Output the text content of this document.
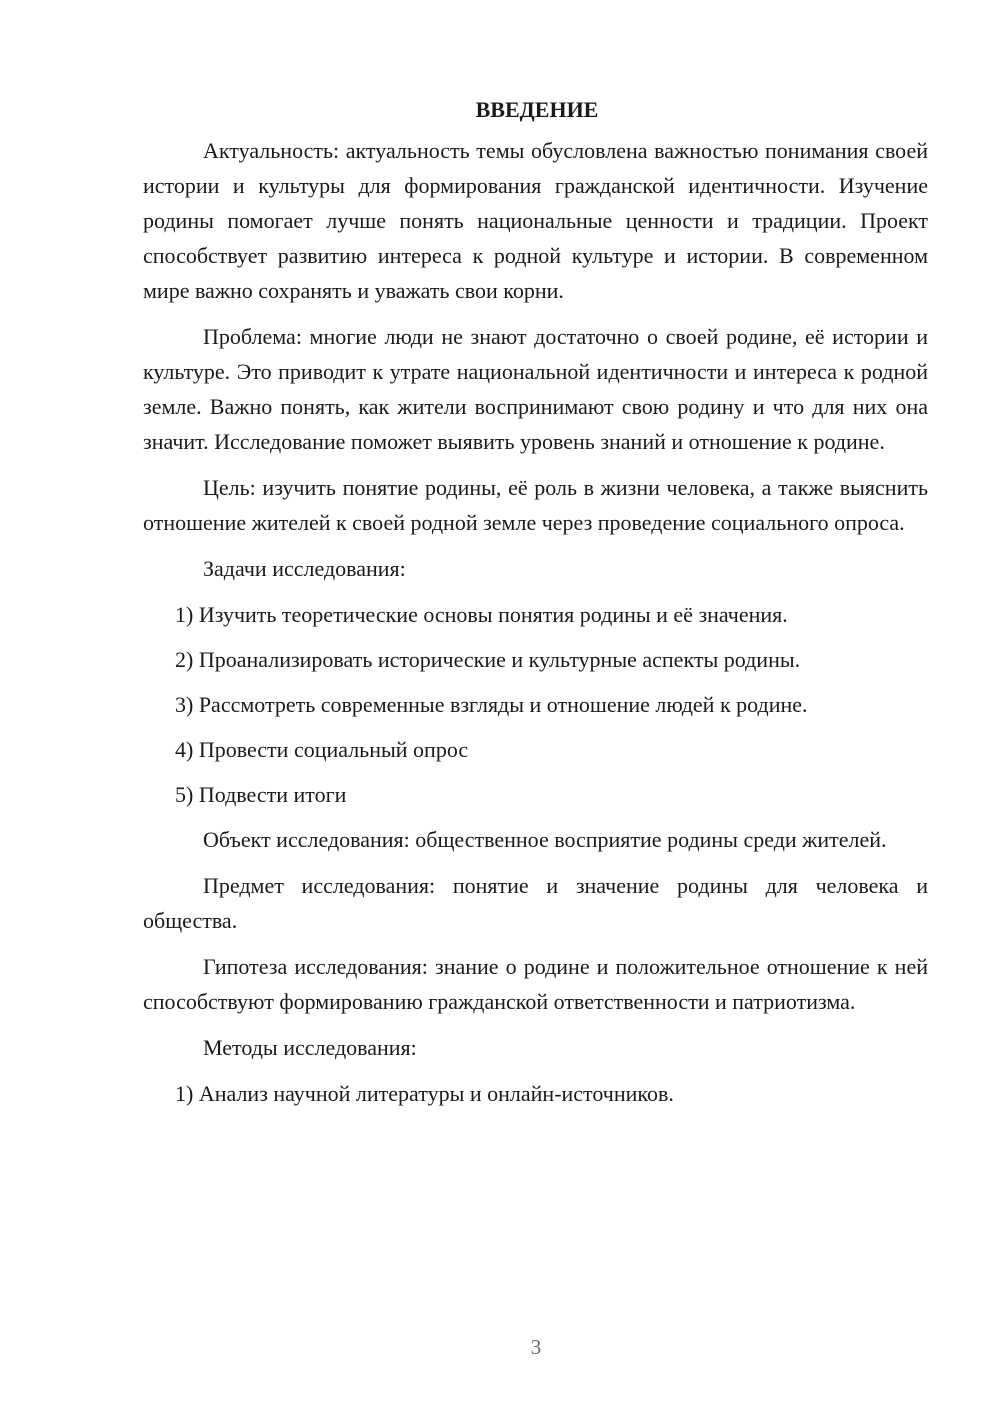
ВВЕДЕНИЕ

Актуальность: актуальность темы обусловлена важностью понимания своей истории и культуры для формирования гражданской идентичности. Изучение родины помогает лучше понять национальные ценности и традиции. Проект способствует развитию интереса к родной культуре и истории. В современном мире важно сохранять и уважать свои корни.

Проблема: многие люди не знают достаточно о своей родине, её истории и культуре. Это приводит к утрате национальной идентичности и интереса к родной земле. Важно понять, как жители воспринимают свою родину и что для них она значит. Исследование поможет выявить уровень знаний и отношение к родине.

Цель: изучить понятие родины, её роль в жизни человека, а также выяснить отношение жителей к своей родной земле через проведение социального опроса.

Задачи исследования:

1) Изучить теоретические основы понятия родины и её значения.

2) Проанализировать исторические и культурные аспекты родины.

3) Рассмотреть современные взгляды и отношение людей к родине.

4) Провести социальный опрос

5) Подвести итоги

Объект исследования: общественное восприятие родины среди жителей.

Предмет исследования: понятие и значение родины для человека и общества.

Гипотеза исследования: знание о родине и положительное отношение к ней способствуют формированию гражданской ответственности и патриотизма.

Методы исследования:

1) Анализ научной литературы и онлайн-источников.

3
